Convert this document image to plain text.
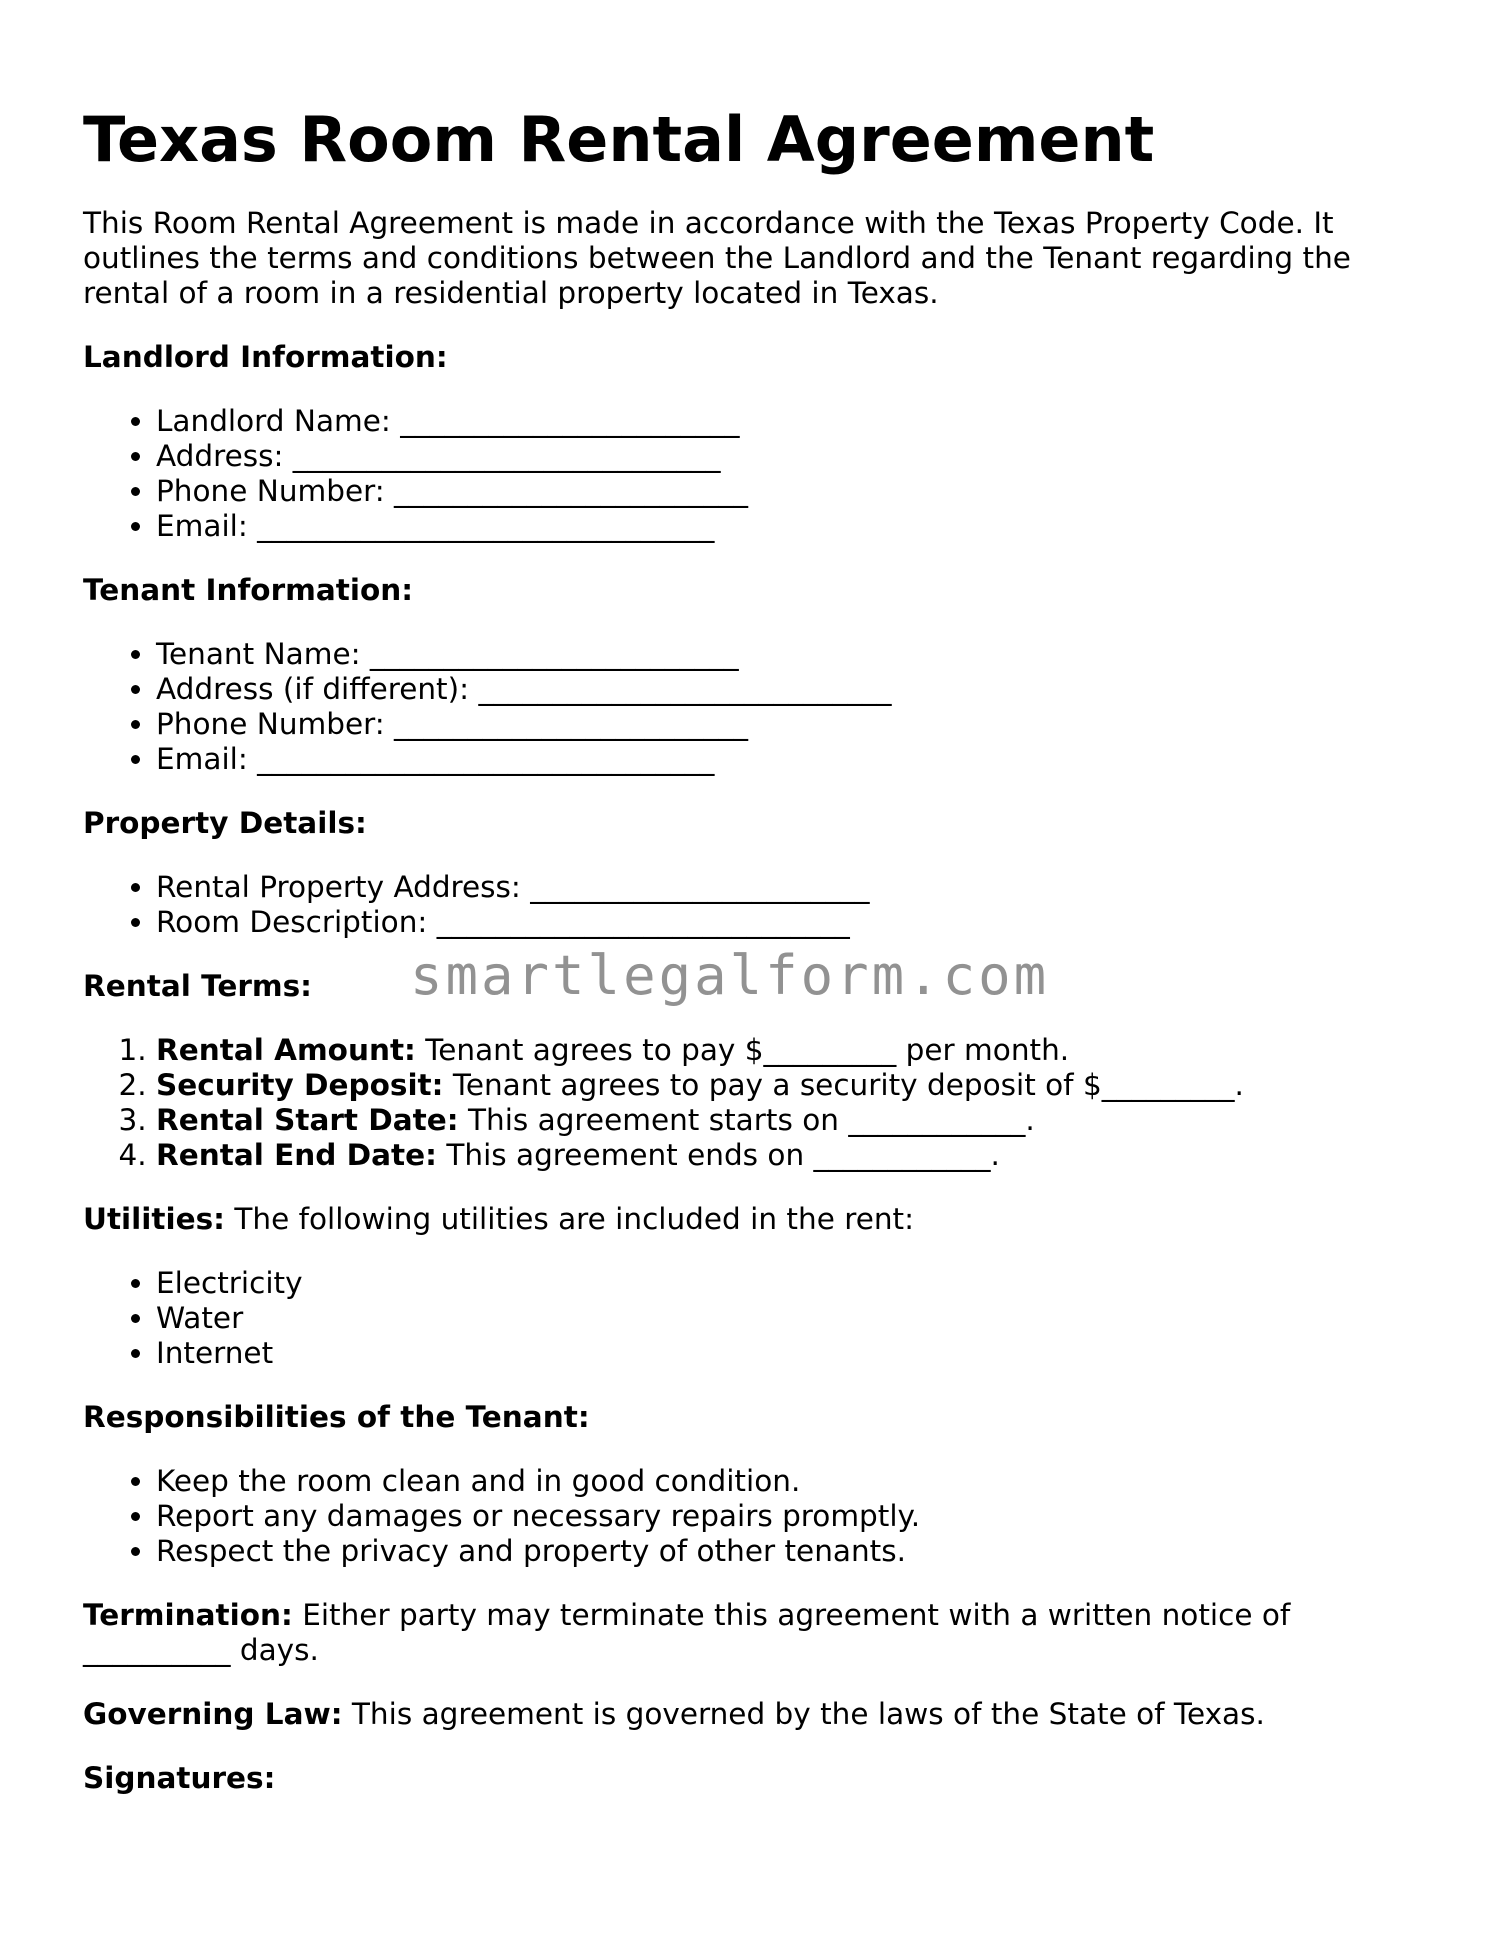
Texas Room Rental Agreement

This Room Rental Agreement is made in accordance with the Texas Property Code. It outlines the terms and conditions between the Landlord and the Tenant regarding the rental of a room in a residential property located in Texas.

Landlord Information:
• Landlord Name: _______________________
• Address: _____________________________
• Phone Number: ________________________
• Email: _______________________________
Tenant Information:
• Tenant Name: _________________________
• Address (if different): ____________________________
• Phone Number: ________________________
• Email: _______________________________
Property Details:
• Rental Property Address: _______________________
• Room Description: ____________________________
Rental Terms:
1. Rental Amount: Tenant agrees to pay $_________ per month.
2. Security Deposit: Tenant agrees to pay a security deposit of $_________.
3. Rental Start Date: This agreement starts on ____________.
4. Rental End Date: This agreement ends on ____________.

Utilities: The following utilities are included in the rent:

• Electricity
• Water
• Internet
Responsibilities of the Tenant:
• Keep the room clean and in good condition.
• Report any damages or necessary repairs promptly.
• Respect the privacy and property of other tenants.

Termination: Either party may terminate this agreement with a written notice of __________ days.

Governing Law: This agreement is governed by the laws of the State of Texas.

Signatures:
smartlegalform.com
